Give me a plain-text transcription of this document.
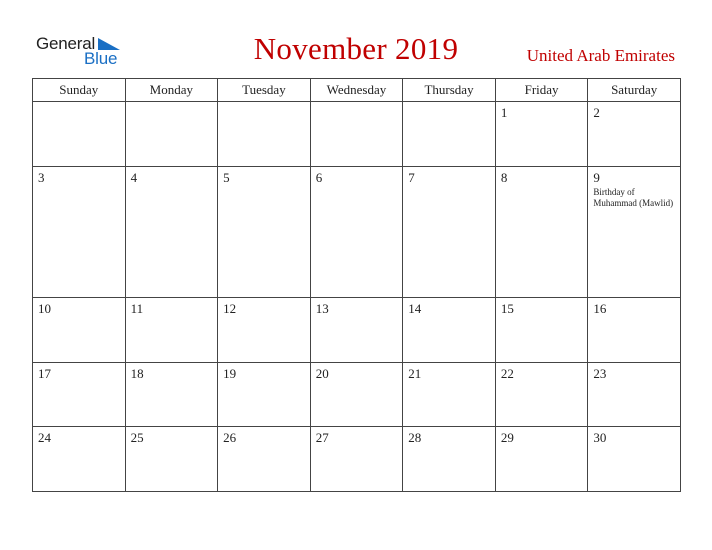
General
Blue	November 2019	United Arab Emirates
Sunday	Monday	Tuesday	Wednesday	Thursday	Friday	Saturday

					1	2

3	4	5	6	7	8	9
Birthday of Muhammad (Mawlid)

10	11	12	13	14	15	16

17	18	19	20	21	22	23

24	25	26	27	28	29	30
